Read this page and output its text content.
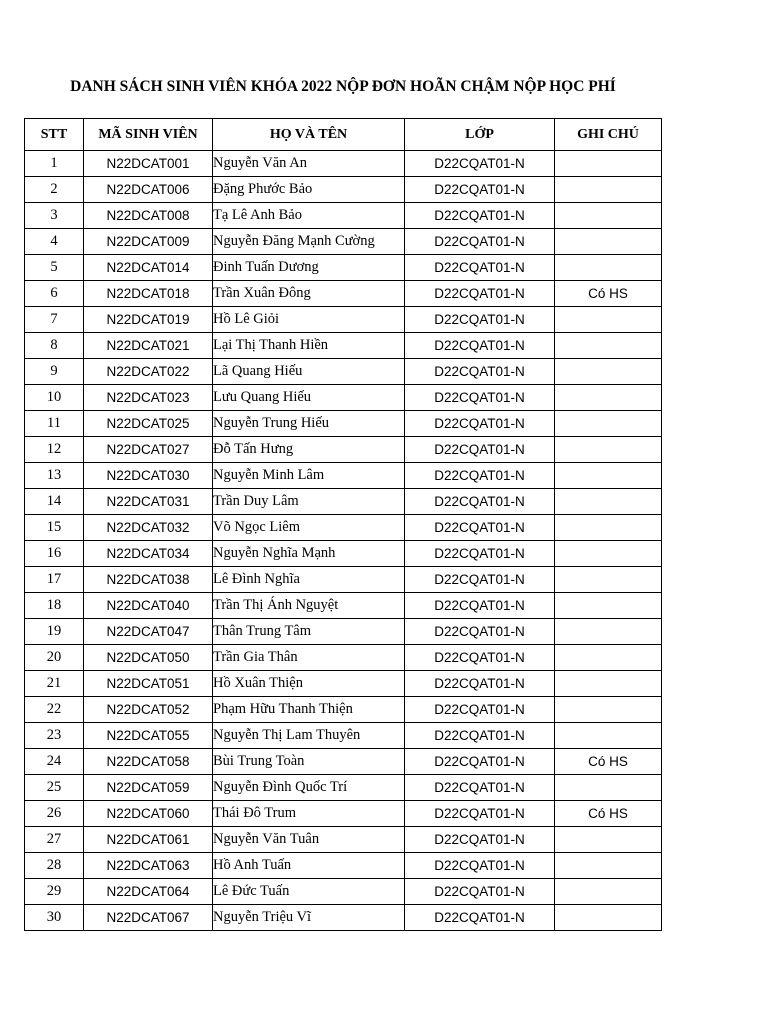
DANH SÁCH SINH VIÊN KHÓA 2022 NỘP ĐƠN HOÃN CHẬM NỘP HỌC PHÍ
STT	MÃ SINH VIÊN	HỌ VÀ TÊN	LỚP	GHI CHÚ
1	N22DCAT001	Nguyễn Văn An	D22CQAT01-N	
2	N22DCAT006	Đặng Phước Bảo	D22CQAT01-N	
3	N22DCAT008	Tạ Lê Anh Bảo	D22CQAT01-N	
4	N22DCAT009	Nguyễn Đăng Mạnh Cường	D22CQAT01-N	
5	N22DCAT014	Đinh Tuấn Dương	D22CQAT01-N	
6	N22DCAT018	Trần Xuân Đông	D22CQAT01-N	Có HS
7	N22DCAT019	Hồ Lê Giỏi	D22CQAT01-N	
8	N22DCAT021	Lại Thị Thanh Hiền	D22CQAT01-N	
9	N22DCAT022	Lã Quang Hiếu	D22CQAT01-N	
10	N22DCAT023	Lưu Quang Hiếu	D22CQAT01-N	
11	N22DCAT025	Nguyễn Trung Hiếu	D22CQAT01-N	
12	N22DCAT027	Đỗ Tấn Hưng	D22CQAT01-N	
13	N22DCAT030	Nguyễn Minh Lâm	D22CQAT01-N	
14	N22DCAT031	Trần Duy Lâm	D22CQAT01-N	
15	N22DCAT032	Võ Ngọc Liêm	D22CQAT01-N	
16	N22DCAT034	Nguyễn Nghĩa Mạnh	D22CQAT01-N	
17	N22DCAT038	Lê Đình Nghĩa	D22CQAT01-N	
18	N22DCAT040	Trần Thị Ánh Nguyệt	D22CQAT01-N	
19	N22DCAT047	Thân Trung Tâm	D22CQAT01-N	
20	N22DCAT050	Trần Gia Thân	D22CQAT01-N	
21	N22DCAT051	Hồ Xuân Thiện	D22CQAT01-N	
22	N22DCAT052	Phạm Hữu Thanh Thiện	D22CQAT01-N	
23	N22DCAT055	Nguyễn Thị Lam Thuyên	D22CQAT01-N	
24	N22DCAT058	Bùi Trung Toàn	D22CQAT01-N	Có HS
25	N22DCAT059	Nguyễn Đình Quốc Trí	D22CQAT01-N	
26	N22DCAT060	Thái Đô Trum	D22CQAT01-N	Có HS
27	N22DCAT061	Nguyễn Văn Tuân	D22CQAT01-N	
28	N22DCAT063	Hồ Anh Tuấn	D22CQAT01-N	
29	N22DCAT064	Lê Đức Tuấn	D22CQAT01-N	
30	N22DCAT067	Nguyễn Triệu Vĩ	D22CQAT01-N	
